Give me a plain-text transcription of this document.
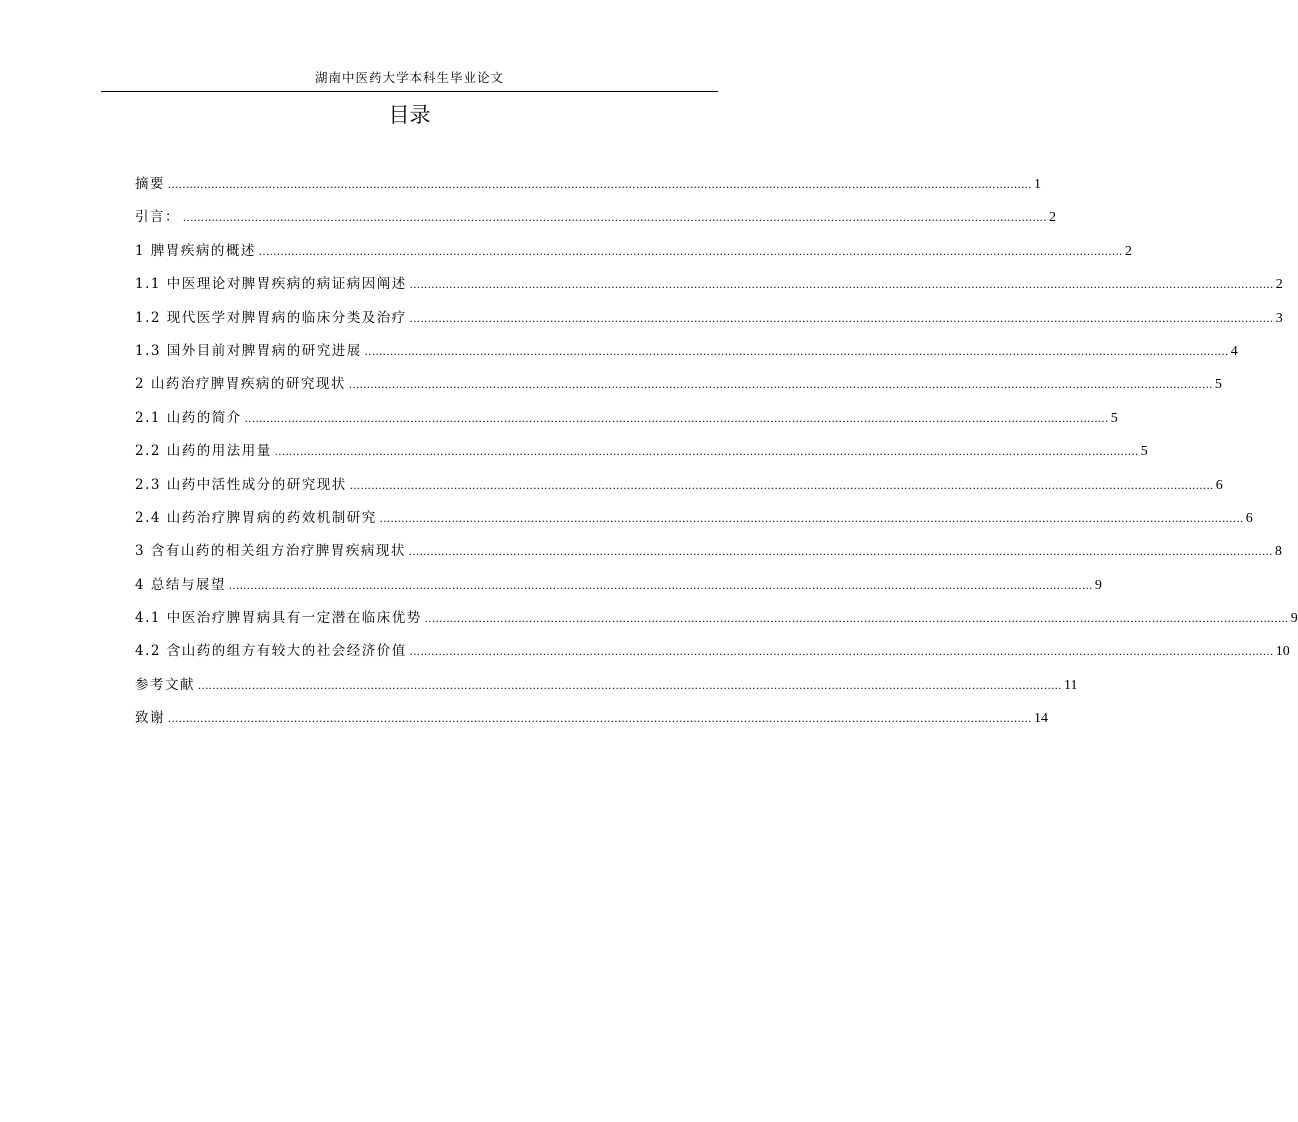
湖南中医药大学本科生毕业论文
目录
摘要 ................................................................................................................................................................................................................................................ 1
引言： ................................................................................................................................................................................................................................................ 2
1 脾胃疾病的概述 ................................................................................................................................................................................................................................................ 2
1.1 中医理论对脾胃疾病的病证病因阐述 ................................................................................................................................................................................................................................................ 2
1.2 现代医学对脾胃病的临床分类及治疗 ................................................................................................................................................................................................................................................ 3
1.3 国外目前对脾胃病的研究进展 ................................................................................................................................................................................................................................................ 4
2 山药治疗脾胃疾病的研究现状 ................................................................................................................................................................................................................................................ 5
2.1 山药的简介 ................................................................................................................................................................................................................................................ 5
2.2 山药的用法用量 ................................................................................................................................................................................................................................................ 5
2.3 山药中活性成分的研究现状 ................................................................................................................................................................................................................................................ 6
2.4 山药治疗脾胃病的药效机制研究 ................................................................................................................................................................................................................................................ 6
3 含有山药的相关组方治疗脾胃疾病现状 ................................................................................................................................................................................................................................................ 8
4 总结与展望 ................................................................................................................................................................................................................................................ 9
4.1 中医治疗脾胃病具有一定潜在临床优势 ................................................................................................................................................................................................................................................ 9
4.2 含山药的组方有较大的社会经济价值 ................................................................................................................................................................................................................................................ 10
参考文献 ................................................................................................................................................................................................................................................ 11
致谢 ................................................................................................................................................................................................................................................ 14
